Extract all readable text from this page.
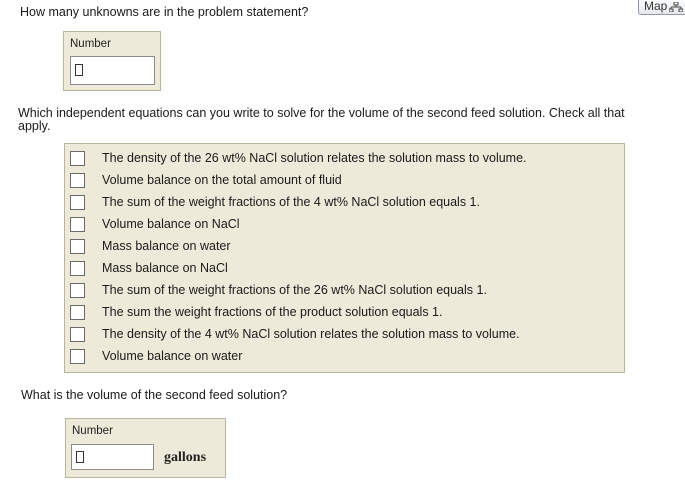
Map

How many unknowns are in the problem statement?

Number

Which independent equations can you write to solve for the volume of the second feed solution. Check all that apply.

The density of the 26 wt% NaCl solution relates the solution mass to volume.
Volume balance on the total amount of fluid
The sum of the weight fractions of the 4 wt% NaCl solution equals 1.
Volume balance on NaCl
Mass balance on water
Mass balance on NaCl
The sum of the weight fractions of the 26 wt% NaCl solution equals 1.
The sum the weight fractions of the product solution equals 1.
The density of the 4 wt% NaCl solution relates the solution mass to volume.
Volume balance on water

What is the volume of the second feed solution?

Number
gallons
